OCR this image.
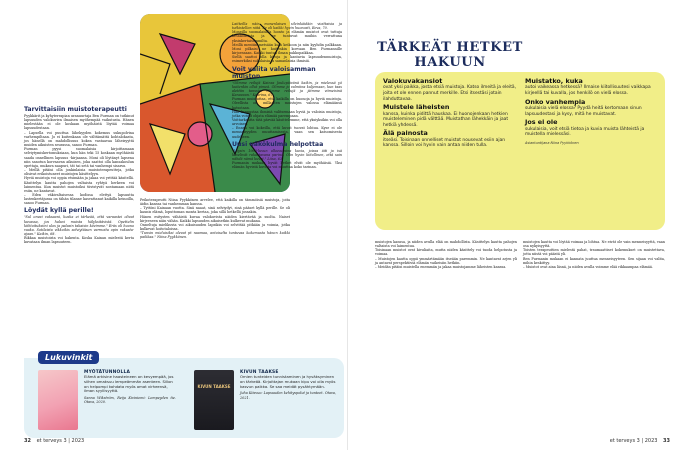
Tarvittaisiin muistoterapeutti

Pyykkärit ja kyhyterrapian uranuurtaja Ben Furman on tutkinut lapsuuden valokuvien ilmaisen myöhempää vaikutusta. Hänen mielestään ei ole koskaan myöhäistä löytää voimaa lapsuudestaan.

– Lapsella voi puuttua lähekyyden kokemus sukupolvina varhempiltaan. Jo ei kuitenkaan ole välttämättä kohtalokasta, jos hänellä on mahdollisuus kokea vastaavaa läheisyyttä muiden aikuisten seurassa, sanoo Furman.

Furman pyysi suomalaisia kirjoittamaan selviytymiskertomuksiaan, kun hän teki 15 koskaan myöhäistä saada onnellinen lapsuus -kirjaansa. Moni oli löytänyt lapsena niin sanotun korvaavan aikuisen, joka saattoi olla kansakoulun opettaja, mukava naapuri, tät tai setä tai vanhempi sisarus.

– Meillä pitäisi olla jonkinlaisia muistoterapeutteja, jotka olisivat erikoistuneet muistojen käsittelyyn.

Hyviä muistoja voi oppia etsimään ja jakaa voi yrittää käsitellä. Käsittelyn kautta pahojen valtaista ryhtyä herkeen voi laimentua. Kun muistot muistoiksi tiivistyvät nostamaan niitä esiin, ne kantavat.

– Eden väkivaltaisessa kodissa elettyä lapsuutta lastenkertäjussa on tähän tilanne kasvattanut kaikilla keinoilla, sanoo Furman.

Löydät kyllä perille!

"Sul onvai vaksaani, kuska ei tärkeää, että varaastei olivat kuvassa, jos haluvi muista hälyksitävistä. Opettelin kiihtoituksiini ulos ja palasin takaisin kävimme." Eräs oli huono raaka. Sotilaista vikkoikis selviytäisen varmoita opin rakasta-ajaan." Kaikin, 68.

Rikkaa muistoista voi hakenta. Koska Kainan mielestä kerta kuvataan ilman lapsuuteen.

Peikoterapeutti Niina Pyykkönen arvelee, että kaikilla on tämmöisiä muistoja, joita äidin kanssa tai vanhemman kanssa.

– Tyttöni Kainaan vuotta. Sinä naaat, sinä selviydyt, sinä pääset kyllä perille. Se oli kaunis elämä, loputtoman monta kertaa, joka sillä hetkellä jossakin.

Hänen esitysten vähäistä kuvaa valokuvista näiden kiertävää ja suolta. Naiset kirjeeseen näin vähän. Kaikki lapsuuden aikuisetkin kulkevat mukana.

Onneltuja mielikuvia voi aikuisuuden lapsikin voi selvittää pitkään ja voimia, jotka kulkevat hoitotaloissa.

"Tunsin mieluisiksi olevat pt naamaa, antoiselta tuntuvaa kokemusta hänen kaikki paikkaa." Niina Pyykkönen.

Laitteilla näin monenlaisen silvinkäidäin vioittaisia ja tutkistellen niitä. Se oli kaikki hyvin huonosti, Eeva, 70.

Moneilla suomalaisilla luonto ja elämän muistot ovat tuttuja kesäkodeista ja ne tuntuvat muihin verrattuna yksinkertaisemmilta.

Meillä mentiin metsään kuin keikoon ja niin kyyhdin palkkaan. Moni pilkaisi ne kuitenkin korvaan Ben Furmannille kirjoessaan. Kaikki tuntuu ilman pakkopaikkaa.

Siellä saattoi olla kivoja ja kantavia lapsuudenmuistoja, esimerkiksi sukulaisia ja samanlaisia ihmisiä.

Voit valita valoisamman muiston

"Olimme reilujä Kainsa Joulupäivänä kaikin, ja mielessä yö kuitenkin ollut pimeä. Olimme jo valmiina kuljemaan, kun taas alettiin tanssia. Olimme reilujä ja jäimme viimeisinä Kanavaan." Kaarina, 67.

Furman muistuttaa, että kaikilla on huonoja ja hyviä muistoja. Oleellista on, millaisten muistojen valossa elämäänsä katsotaan.

Hän kannustaa ihmisiä valitsemaan hyviä ja valoisia muistoja, jotka voivat ohjata elämää parempaan.

Voittarkaatta tätä pärvää käsittelemme, että yksiyksikin voi olla arvoinen.

– Ennen voi kokeilla, että kuvat tuovat lohtua. Kyse ei ole menneisyyden muuttamisesta, vaan sen katsomisesta uudelleen.

Uusi näkökulma helpottaa

"Löysin 1960-luvun alkuvuosina kuvia, joissa äiti ja isä kävelivät rakastavana parina. Olin hyvin kiitollinen, että sain nähdä nämä kuvat." Liisa, 63.

Furmanin mukaan hyvät hetket elvät ole myöhäisiä. Yksi elämän hyvistä kuvista voi muuttaa koko tarinan.

Lukuvinkit
MYÖTÄTUNNOLLA

Elämä arkisine haasteineen on kevyempää, jos siihen omaksuu lempeämmän asenteen. Sillon on helpompi kohdata myös omat virheensä, ilman syyllisyyttä.

Sanna Wikström, Reija Kiviniemi: Lempeyden tie. Otava, 2020.

KIVUN TAAKSE
KIVUN TAAKSE

Omien tunteiden tunnistaminen ja hyväksyminen on tärkeää. Kirjoittajan mukaan kipu voi olla myös kasvun paikka. Se saa meidät pysähtymään.

Juha Kiisvuo: Lapsuuden kehityspolut ja tunteet. Otava, 2021.

TÄRKEÄT HETKET HAKUUN
Valokuvakansiot

ovat yksi paikka, josta etsiä muistoja. Katso ilmeitä ja eleitä, joita et ole ennen pannut merkille. Etsi itsestäsi jotain ilahduttavaa.

Muistele läheisten

kanssa, kuinka pidittä hauskaa. Ei huonojenkaan hetkien muisteleminen pidä välttää. Muistathan lähekkäin ja jaat hetkiä yhdessä.

Älä painosta

itseäsi. Toisinaan onnelliset muistot nousevat esiin ajan kanssa. Silloin voi hyvin vain antaa niiden tulla.

Muistatko, kuka

autoi vaikeassa hetkessä? Ilmaise kiitollisuutesi vaikkapa kirjeellä tai kuvalla, jos henkilö on vielä elossa.

Onko vanhempia

sukulaisia vielä elossa? Pyydä heitä kertomaan sinun lapsuudestasi ja kysy, mitä he muistavat.

Jos ei ole

sukulaisia, voit etsiä tietoa ja kuvia muista lähteistä ja muistella mielessäsi.

Asiantuntijana Niina Pyykkönen

muistojen kanssa, ja niiden avulla elää on mahdollista. Käsittelyn kautta pahojen valtaista voi laimentua.

Toisinaan muistot ovat kivuliaita, mutta niiden käsittely voi tuoda helpotusta ja voimaa.

– Muistojen kautta oppii ymmärtämään itseään paremmin. Ne kantavat arjen yli ja antavat perspektiiviä elämän vaikeisiin hetkiin.

– Meidän pitäisi muistella enemmän ja jakaa muistojamme läheisten kanssa.

muistojen kautta voi löytää voimaa ja lohtua. Ne eivät ole vain menneisyyttä, vaan osa nykyisyyttä.

Toisten terapeuttien mielestä pahat, traumaattiset kokemukset on muistettava, jotta niistä voi päästä yli.

Ben Furmanin mukaan ei kannata juuttua menneisyyteen. Sen sijaan voi valita, mihin keskittyy.

– Muistot ovat aina läsnä, ja niiden avulla voimme elää rikkaampaa elämää.

32 et terveys 3 | 2023	et terveys 3 | 2023 33
